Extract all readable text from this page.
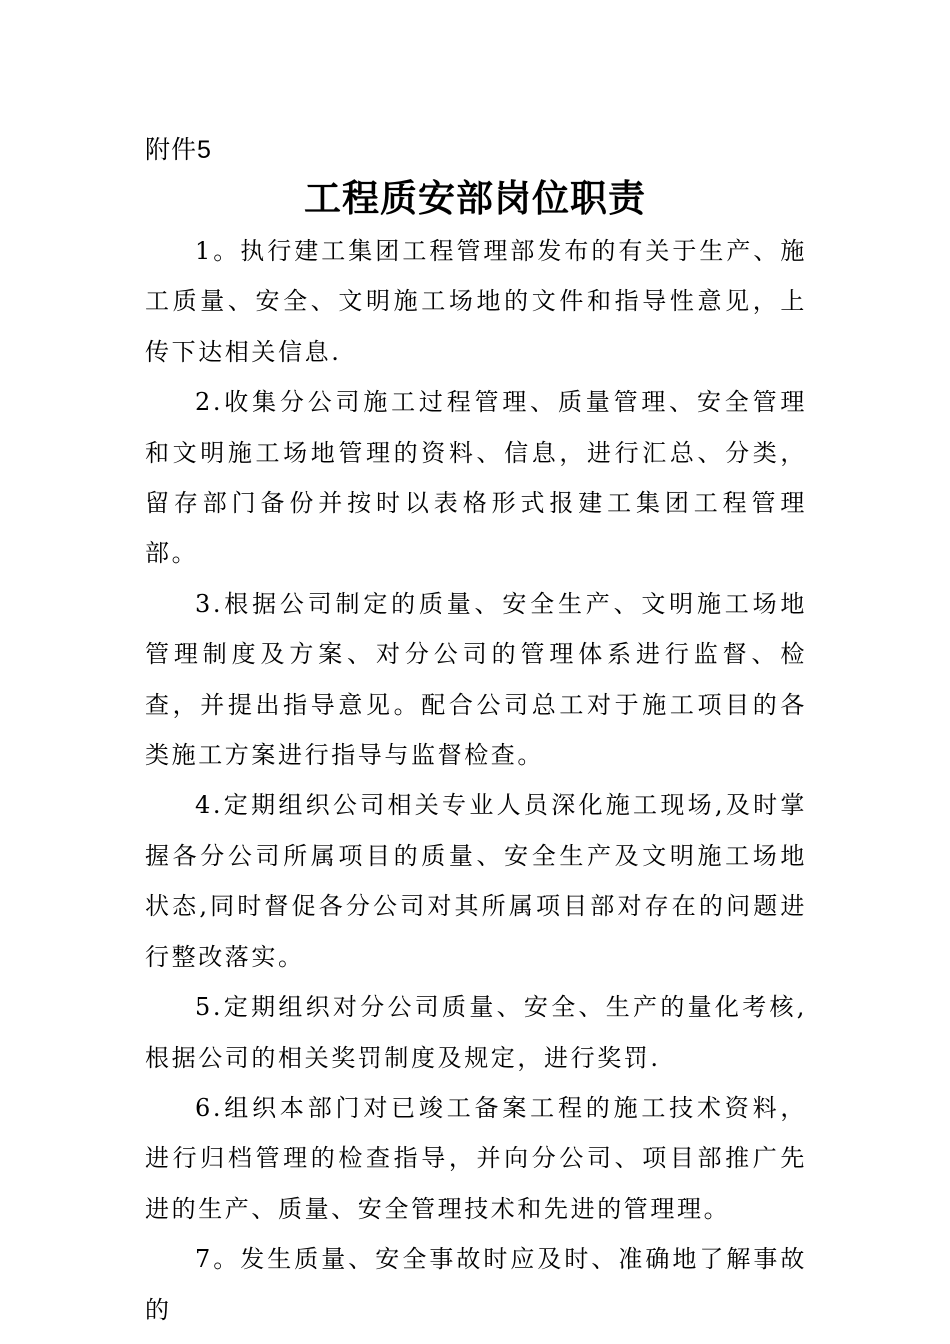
附件5
工程质安部岗位职责

1。执行建工集团工程管理部发布的有关于生产、施工质量、安全、文明施工场地的文件和指导性意见，上传下达相关信息.

2.收集分公司施工过程管理、质量管理、安全管理和文明施工场地管理的资料、信息，进行汇总、分类，留存部门备份并按时以表格形式报建工集团工程管理部。

3.根据公司制定的质量、安全生产、文明施工场地管理制度及方案、对分公司的管理体系进行监督、检查，并提出指导意见。配合公司总工对于施工项目的各类施工方案进行指导与监督检查。

4.定期组织公司相关专业人员深化施工现场,及时掌握各分公司所属项目的质量、安全生产及文明施工场地状态,同时督促各分公司对其所属项目部对存在的问题进行整改落实。

5.定期组织对分公司质量、安全、生产的量化考核,根据公司的相关奖罚制度及规定，进行奖罚.

6.组织本部门对已竣工备案工程的施工技术资料，进行归档管理的检查指导，并向分公司、项目部推广先进的生产、质量、安全管理技术和先进的管理理。

7。发生质量、安全事故时应及时、准确地了解事故的
